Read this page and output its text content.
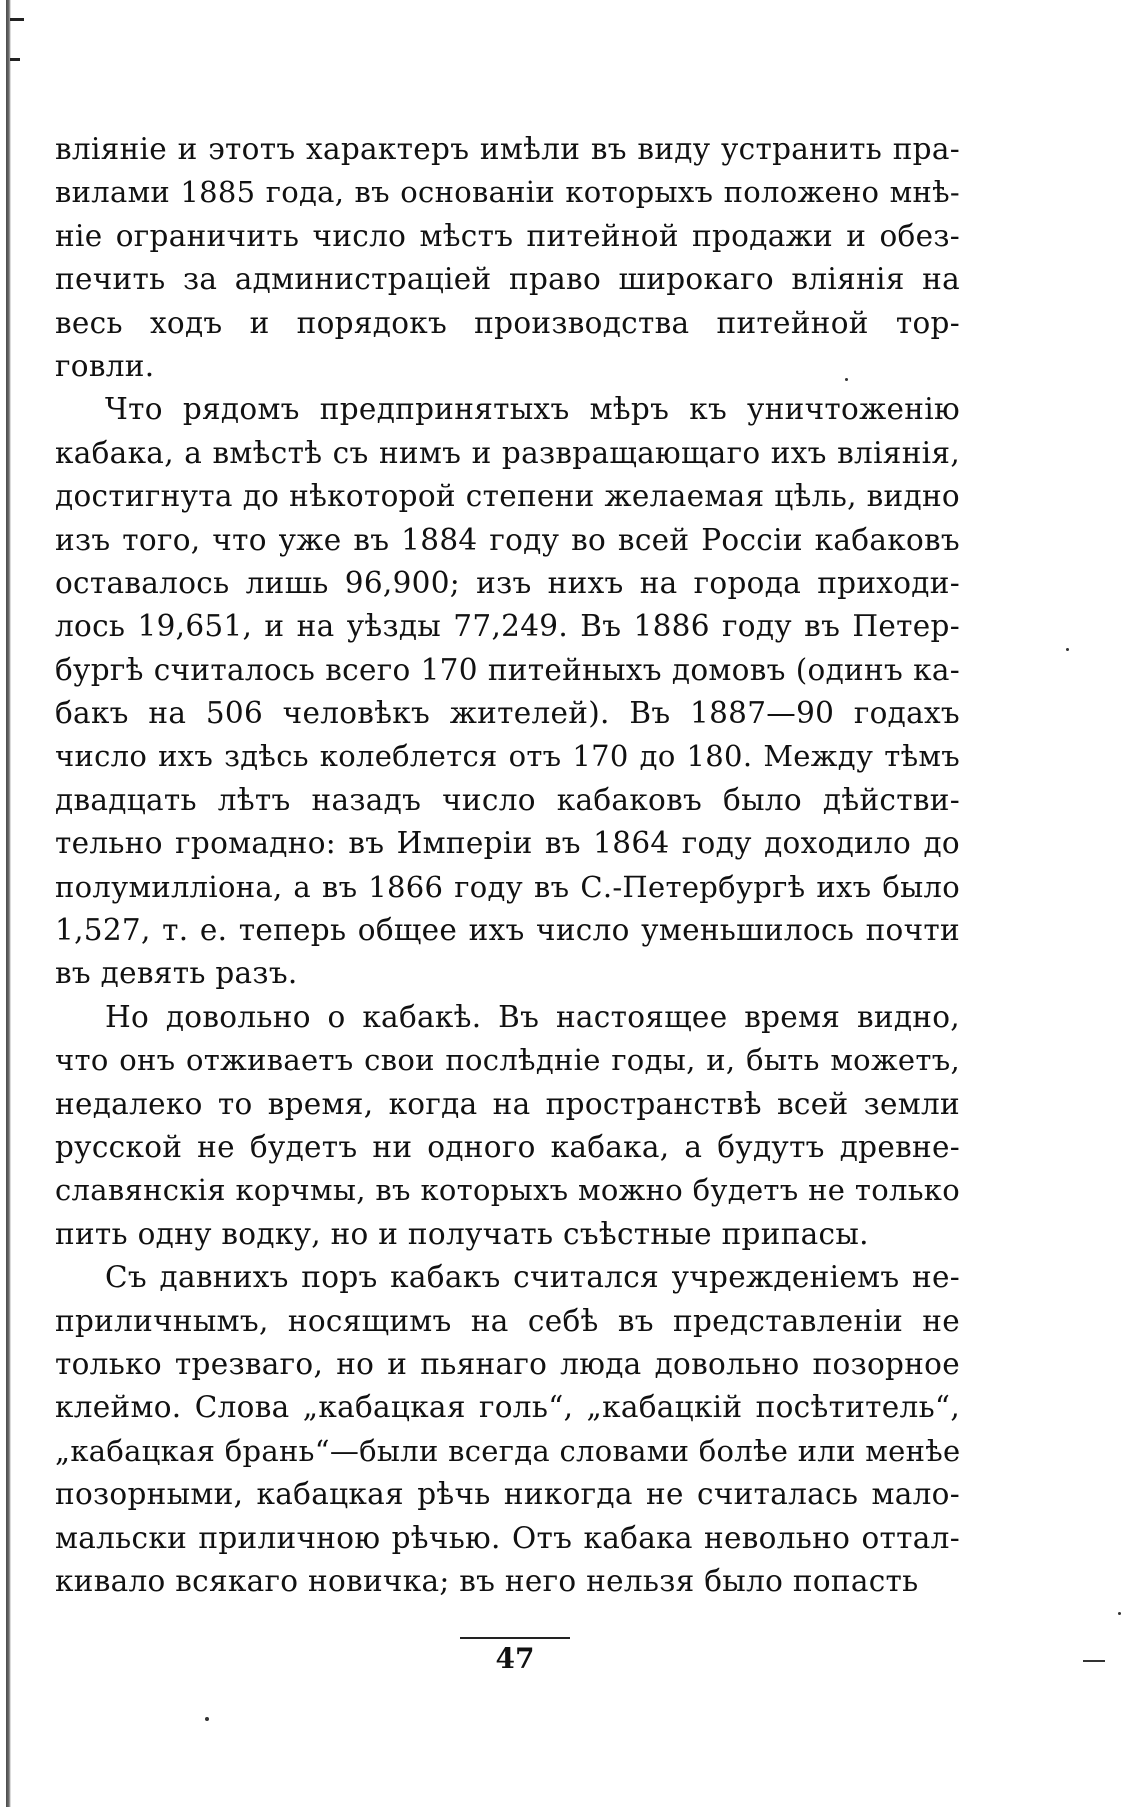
вліяніе и этотъ характеръ имѣли въ виду устранить пра-
вилами 1885 года, въ основаніи которыхъ положено мнѣ-
ніе ограничить число мѣстъ питейной продажи и обез-
печить за администраціей право широкаго вліянія на
весь ходъ и порядокъ производства питейной тор-
говли.
Что рядомъ предпринятыхъ мѣръ къ уничтоженію
кабака, а вмѣстѣ съ нимъ и развращающаго ихъ вліянія,
достигнута до нѣкоторой степени желаемая цѣль, видно
изъ того, что уже въ 1884 году во всей Россіи кабаковъ
оставалось лишь 96,900; изъ нихъ на города приходи-
лось 19,651, и на уѣзды 77,249. Въ 1886 году въ Петер-
бургѣ считалось всего 170 питейныхъ домовъ (одинъ ка-
бакъ на 506 человѣкъ жителей). Въ 1887—90 годахъ
число ихъ здѣсь колеблется отъ 170 до 180. Между тѣмъ
двадцать лѣтъ назадъ число кабаковъ было дѣйстви-
тельно громадно: въ Имперіи въ 1864 году доходило до
полумилліона, а въ 1866 году въ С.-Петербургѣ ихъ было
1,527, т. е. теперь общее ихъ число уменьшилось почти
въ девять разъ.
Но довольно о кабакѣ. Въ настоящее время видно,
что онъ отживаетъ свои послѣдніе годы, и, быть можетъ,
недалеко то время, когда на пространствѣ всей земли
русской не будетъ ни одного кабака, а будутъ древне-
славянскія корчмы, въ которыхъ можно будетъ не только
пить одну водку, но и получать съѣстные припасы.
Съ давнихъ поръ кабакъ считался учрежденіемъ не-
приличнымъ, носящимъ на себѣ въ представленіи не
только трезваго, но и пьянаго люда довольно позорное
клеймо. Слова „кабацкая голь“, „кабацкій посѣтитель“,
„кабацкая брань“—были всегда словами болѣе или менѣе
позорными, кабацкая рѣчь никогда не считалась мало-
мальски приличною рѣчью. Отъ кабака невольно оттал-
кивало всякаго новичка; въ него нельзя было попасть
47
